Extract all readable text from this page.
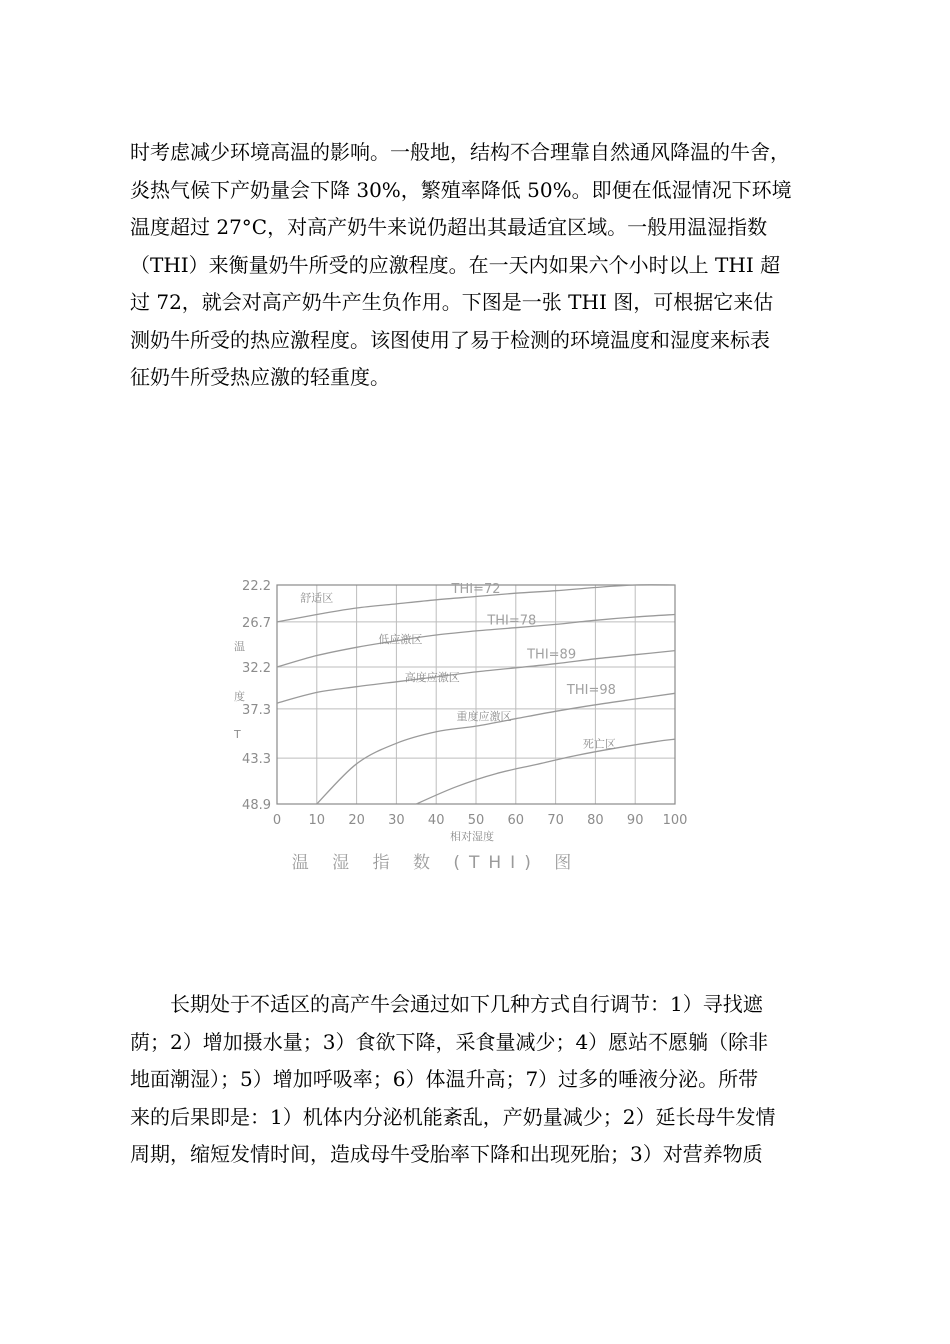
时考虑减少环境高温的影响。一般地，结构不合理靠自然通风降温的牛舍，
炎热气候下产奶量会下降 30%，繁殖率降低 50%。即便在低湿情况下环境
温度超过 27°C，对高产奶牛来说仍超出其最适宜区域。一般用温湿指数
（THI）来衡量奶牛所受的应激程度。在一天内如果六个小时以上 THI 超
过 72，就会对高产奶牛产生负作用。下图是一张 THI 图，可根据它来估
测奶牛所受的热应激程度。该图使用了易于检测的环境温度和湿度来标表
征奶牛所受热应激的轻重度。
0 10 20 30 40 50 60 70 80 90 100
22.2
26.7
32.2
37.3
43.3
48.9
THI=72
THI=78
THI=89
THI=98
舒适区
低应激区
高度应激区
重度应激区
死亡区
温
度
T
相对湿度
温 湿 指 数 (THI) 图
　　长期处于不适区的高产牛会通过如下几种方式自行调节：1）寻找遮
荫；2）增加摄水量；3）食欲下降，采食量减少；4）愿站不愿躺（除非
地面潮湿）；5）增加呼吸率；6）体温升高；7）过多的唾液分泌。所带
来的后果即是：1）机体内分泌机能紊乱，产奶量减少；2）延长母牛发情
周期，缩短发情时间，造成母牛受胎率下降和出现死胎；3）对营养物质
